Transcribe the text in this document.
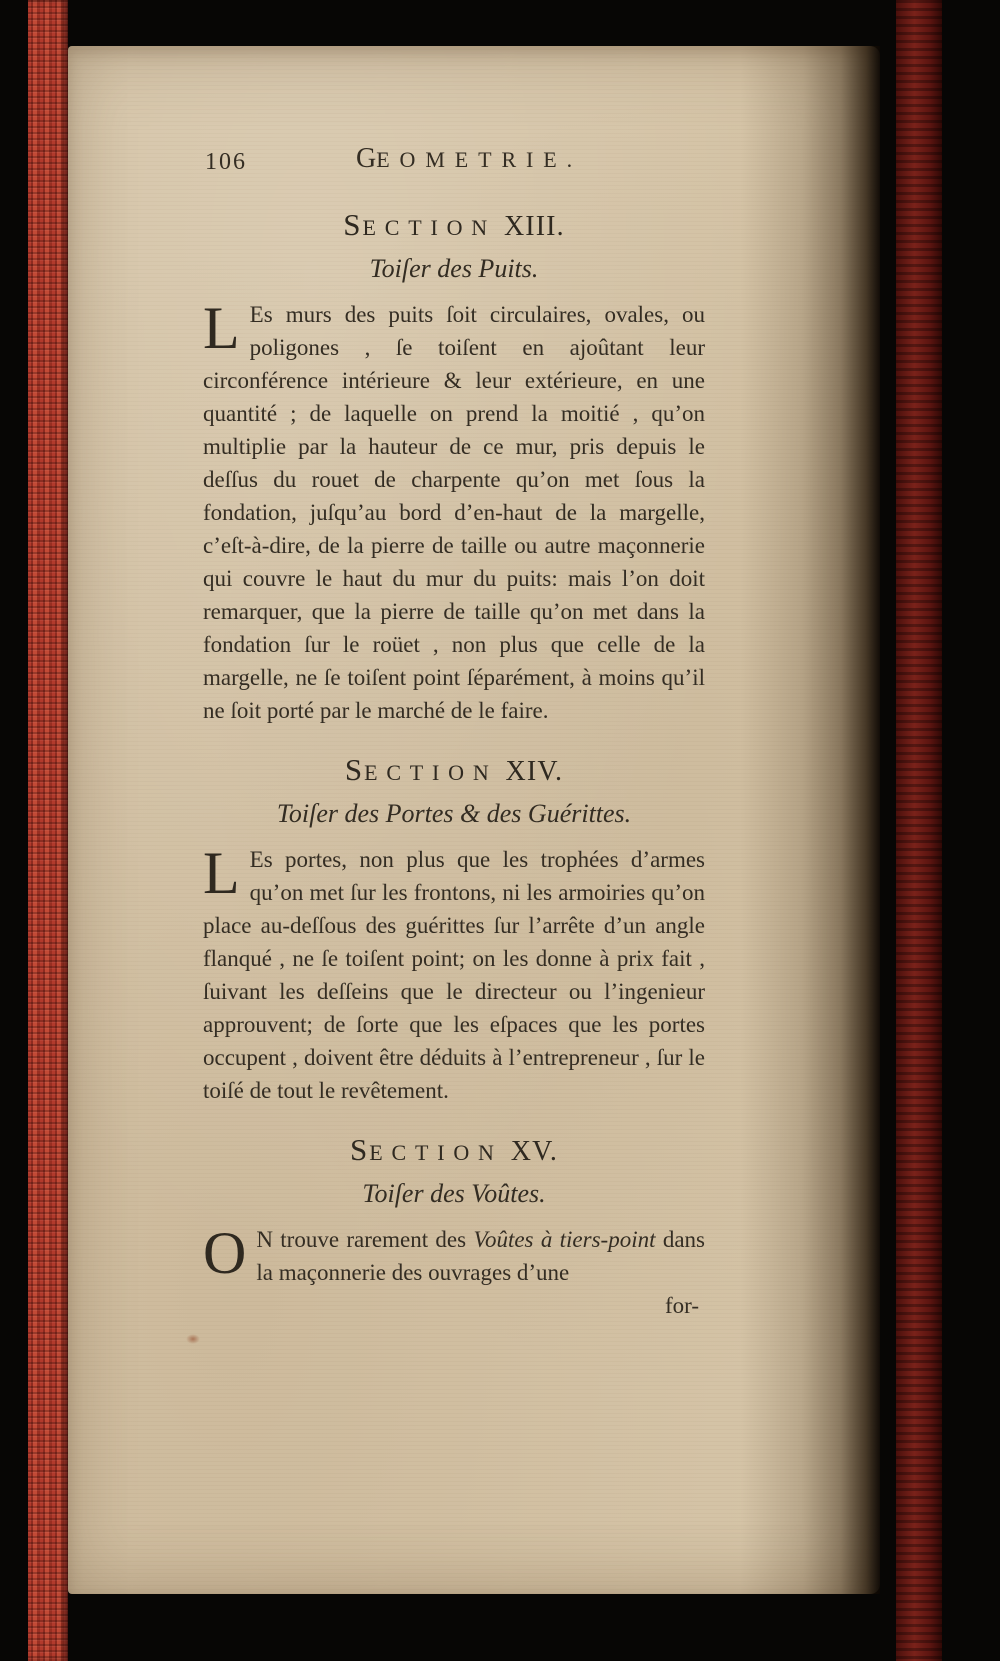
106	GEOMETRIE.
SECTION XIII.
Toiſer des Puits.

L Es murs des puits ſoit circulaires, ovales, ou poligones , ſe toiſent en ajoûtant leur circonférence intérieure & leur extérieure, en une quantité ; de laquelle on prend la moitié , qu’on multiplie par la hauteur de ce mur, pris depuis le deſſus du rouet de charpente qu’on met ſous la fondation, juſqu’au bord d’en-haut de la margelle, c’eſt-à-dire, de la pierre de taille ou autre maçonnerie qui couvre le haut du mur du puits: mais l’on doit remarquer, que la pierre de taille qu’on met dans la fondation ſur le roüet , non plus que celle de la margelle, ne ſe toiſent point ſéparément, à moins qu’il ne ſoit porté par le marché de le faire.

SECTION XIV.
Toiſer des Portes & des Guérittes.

L Es portes, non plus que les trophées d’armes qu’on met ſur les frontons, ni les armoiries qu’on place au-deſſous des guérittes ſur l’arrête d’un angle flanqué , ne ſe toiſent point; on les donne à prix fait , ſuivant les deſſeins que le directeur ou l’ingenieur approuvent; de ſorte que les eſpaces que les portes occupent , doivent être déduits à l’entrepreneur , ſur le toiſé de tout le revêtement.

SECTION XV.
Toiſer des Voûtes.

O N trouve rarement des Voûtes à tiers-point dans la maçonnerie des ouvrages d’une

for-
